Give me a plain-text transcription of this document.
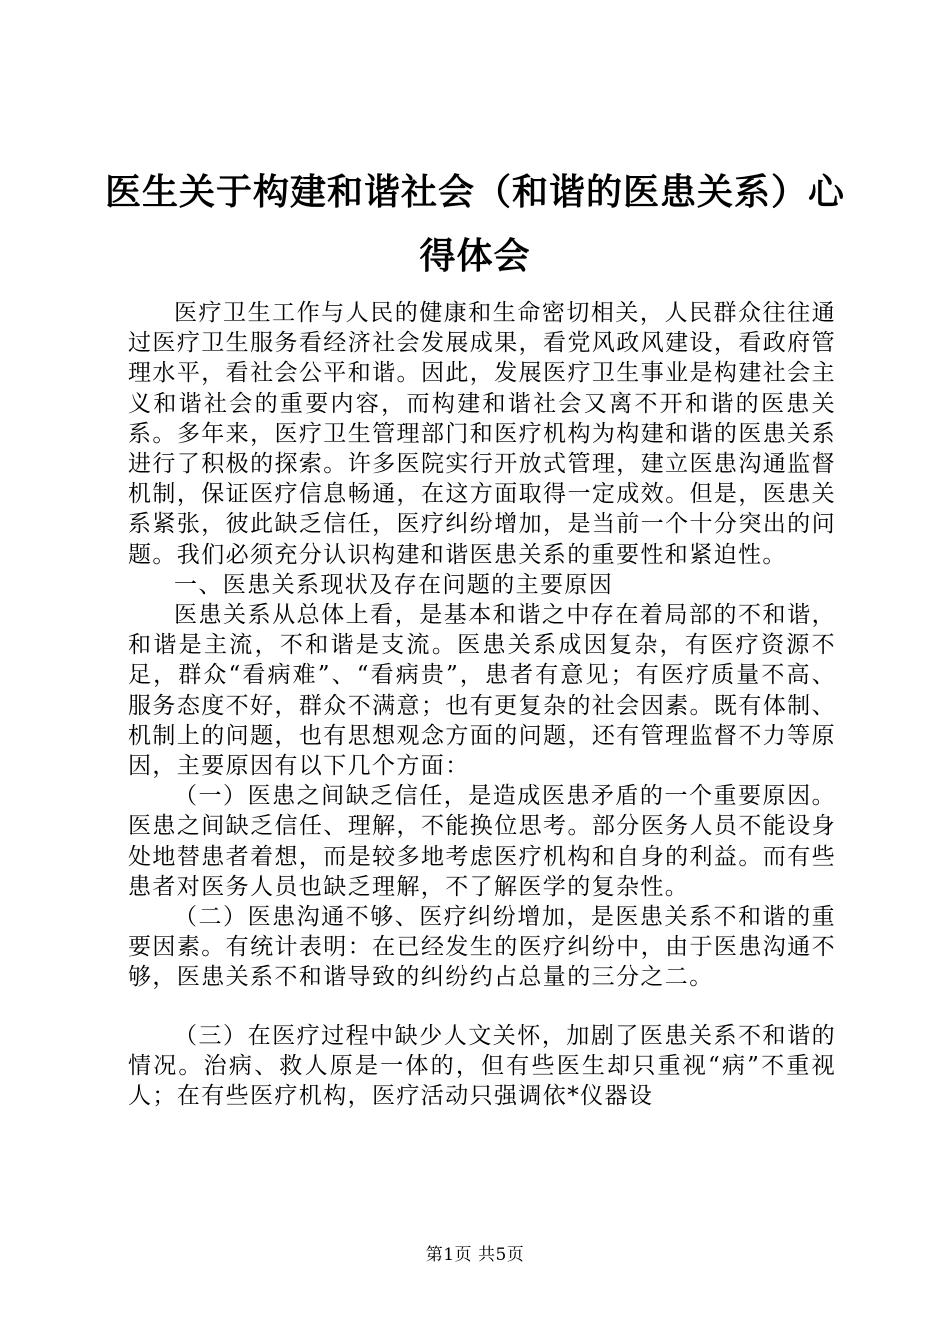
医生关于构建和谐社会（和谐的医患关系）心得体会

医疗卫生工作与人民的健康和生命密切相关，人民群众往往通过医疗卫生服务看经济社会发展成果，看党风政风建设，看政府管理水平，看社会公平和谐。因此，发展医疗卫生事业是构建社会主义和谐社会的重要内容，而构建和谐社会又离不开和谐的医患关系。多年来，医疗卫生管理部门和医疗机构为构建和谐的医患关系进行了积极的探索。许多医院实行开放式管理，建立医患沟通监督机制，保证医疗信息畅通，在这方面取得一定成效。但是，医患关系紧张，彼此缺乏信任，医疗纠纷增加，是当前一个十分突出的问题。我们必须充分认识构建和谐医患关系的重要性和紧迫性。

一、医患关系现状及存在问题的主要原因

医患关系从总体上看，是基本和谐之中存在着局部的不和谐，和谐是主流，不和谐是支流。医患关系成因复杂，有医疗资源不足，群众“看病难”、“看病贵”，患者有意见；有医疗质量不高、服务态度不好，群众不满意；也有更复杂的社会因素。既有体制、机制上的问题，也有思想观念方面的问题，还有管理监督不力等原因，主要原因有以下几个方面：

（一）医患之间缺乏信任，是造成医患矛盾的一个重要原因。医患之间缺乏信任、理解，不能换位思考。部分医务人员不能设身处地替患者着想，而是较多地考虑医疗机构和自身的利益。而有些患者对医务人员也缺乏理解，不了解医学的复杂性。

（二）医患沟通不够、医疗纠纷增加，是医患关系不和谐的重要因素。有统计表明：在已经发生的医疗纠纷中，由于医患沟通不够，医患关系不和谐导致的纠纷约占总量的三分之二。

（三）在医疗过程中缺少人文关怀，加剧了医患关系不和谐的情况。治病、救人原是一体的，但有些医生却只重视“病”不重视人；在有些医疗机构，医疗活动只强调依*仪器设

第1页 共5页
